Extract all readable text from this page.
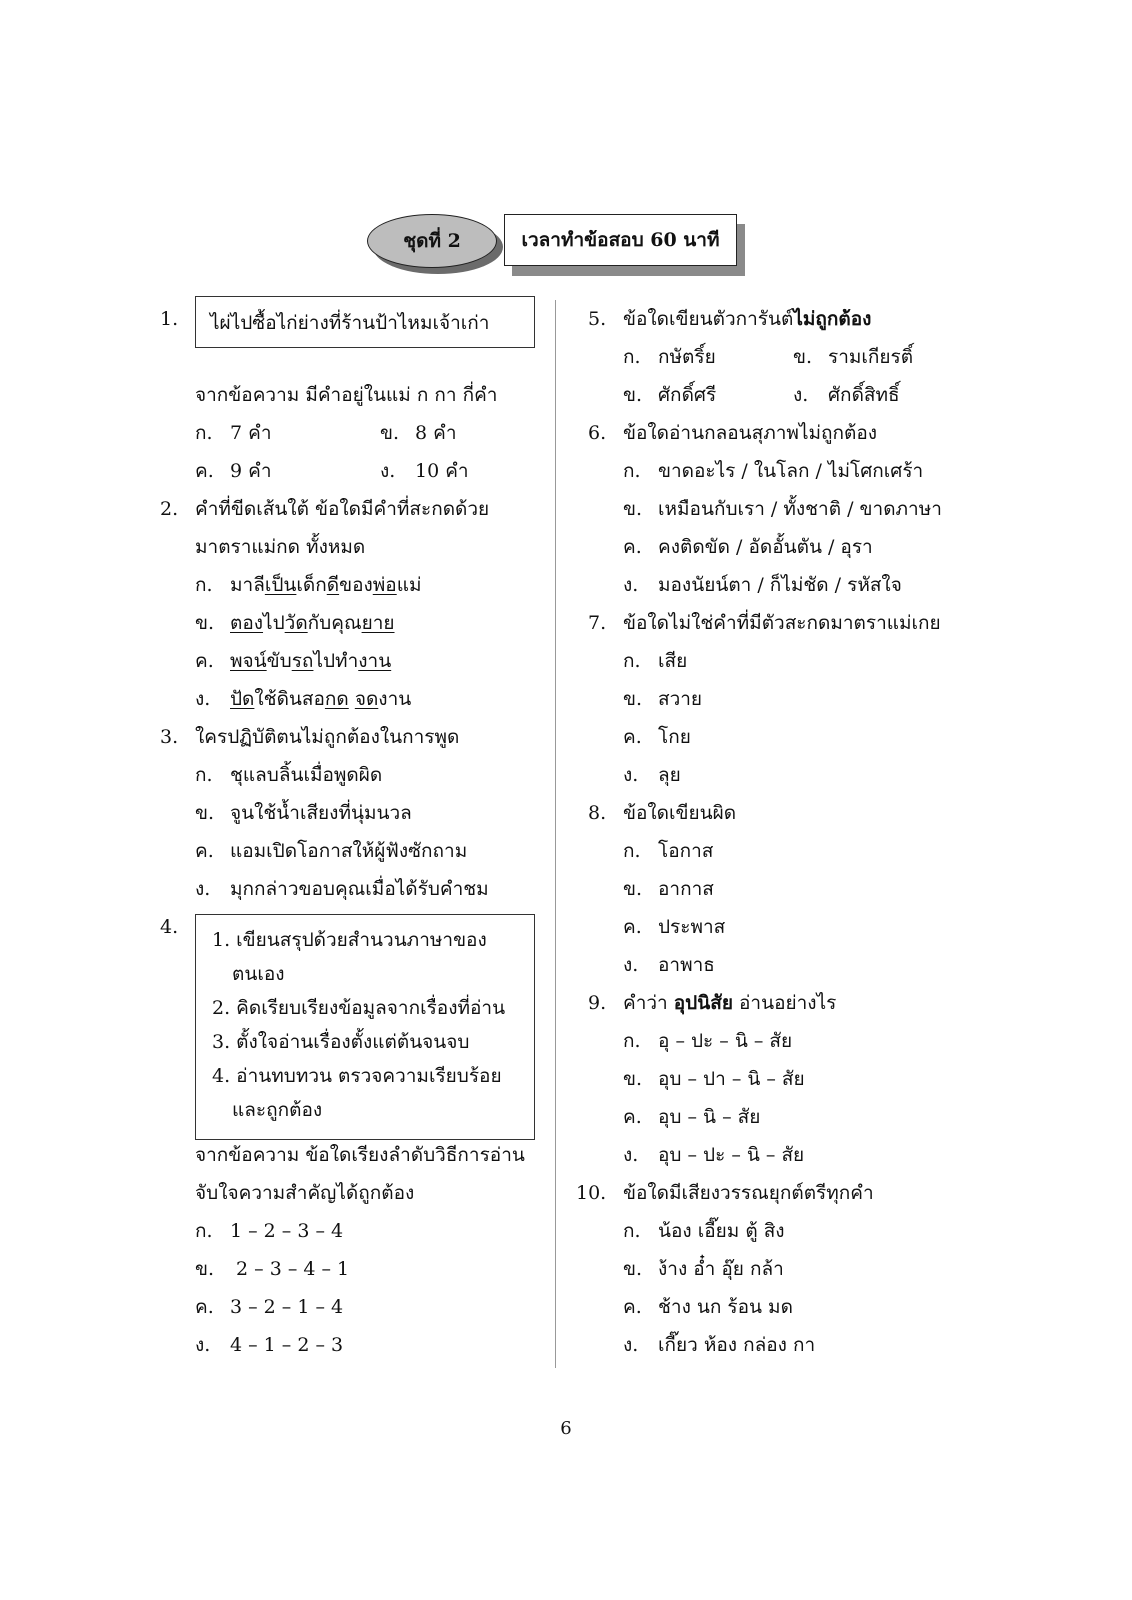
ชุดที่ 2	เวลาทำข้อสอบ 60 นาที
ไผ่ไปซื้อไก่ย่างที่ร้านป้าไหมเจ้าเก่า
1. เขียนสรุปด้วยสำนวนภาษาของ
ตนเอง
2. คิดเรียบเรียงข้อมูลจากเรื่องที่อ่าน
3. ตั้งใจอ่านเรื่องตั้งแต่ต้นจนจบ
4. อ่านทบทวน ตรวจความเรียบร้อย
และถูกต้อง
1.
จากข้อความ มีคำอยู่ในแม่ ก กา กี่คำ
ก. 7 คำ	ข. 8 คำ
ค. 9 คำ	ง. 10 คำ
2. คำที่ขีดเส้นใต้ ข้อใดมีคำที่สะกดด้วย
มาตราแม่กด ทั้งหมด
ก. มาลีเป็นเด็กดีของพ่อแม่
ข. ตองไปวัดกับคุณยาย
ค. พจน์ขับรถไปทำงาน
ง. ปัดใช้ดินสอกด จดงาน
3. ใครปฏิบัติตนไม่ถูกต้องในการพูด
ก. ชุแลบลิ้นเมื่อพูดผิด
ข. จูนใช้น้ำเสียงที่นุ่มนวล
ค. แอมเปิดโอกาสให้ผู้ฟังซักถาม
ง. มุกกล่าวขอบคุณเมื่อได้รับคำชม
4.
จากข้อความ ข้อใดเรียงลำดับวิธีการอ่าน
จับใจความสำคัญได้ถูกต้อง
ก. 1 – 2 – 3 – 4
ข. 2 – 3 – 4 – 1
ค. 3 – 2 – 1 – 4
ง. 4 – 1 – 2 – 3
5. ข้อใดเขียนตัวการันต์ไม่ถูกต้อง
ก. กษัตริ์ย	ข. รามเกียรติ์
ข. ศักดิ์ศรี	ง. ศักดิ์สิทธิ์
6. ข้อใดอ่านกลอนสุภาพไม่ถูกต้อง
ก. ขาดอะไร / ในโลก / ไม่โศกเศร้า
ข. เหมือนกับเรา / ทั้งชาติ / ขาดภาษา
ค. คงติดขัด / อัดอั้นตัน / อุรา
ง. มองนัยน์ตา / ก็ไม่ชัด / รหัสใจ
7. ข้อใดไม่ใช่คำที่มีตัวสะกดมาตราแม่เกย
ก. เสีย
ข. สวาย
ค. โกย
ง. ลุย
8. ข้อใดเขียนผิด
ก. โอกาส
ข. อากาส
ค. ประพาส
ง. อาพาธ
9. คำว่า อุปนิสัย อ่านอย่างไร
ก. อุ – ปะ – นิ – สัย
ข. อุบ – ปา – นิ – สัย
ค. อุบ – นิ – สัย
ง. อุบ – ปะ – นิ – สัย
10. ข้อใดมีเสียงวรรณยุกต์ตรีทุกคำ
ก. น้อง เอี๊ยม ตู้ สิง
ข. ง้าง อ๋ำ อุ๊ย กล้า
ค. ช้าง นก ร้อน มด
ง. เกี๊ยว ห้อง กล่อง กา
6
